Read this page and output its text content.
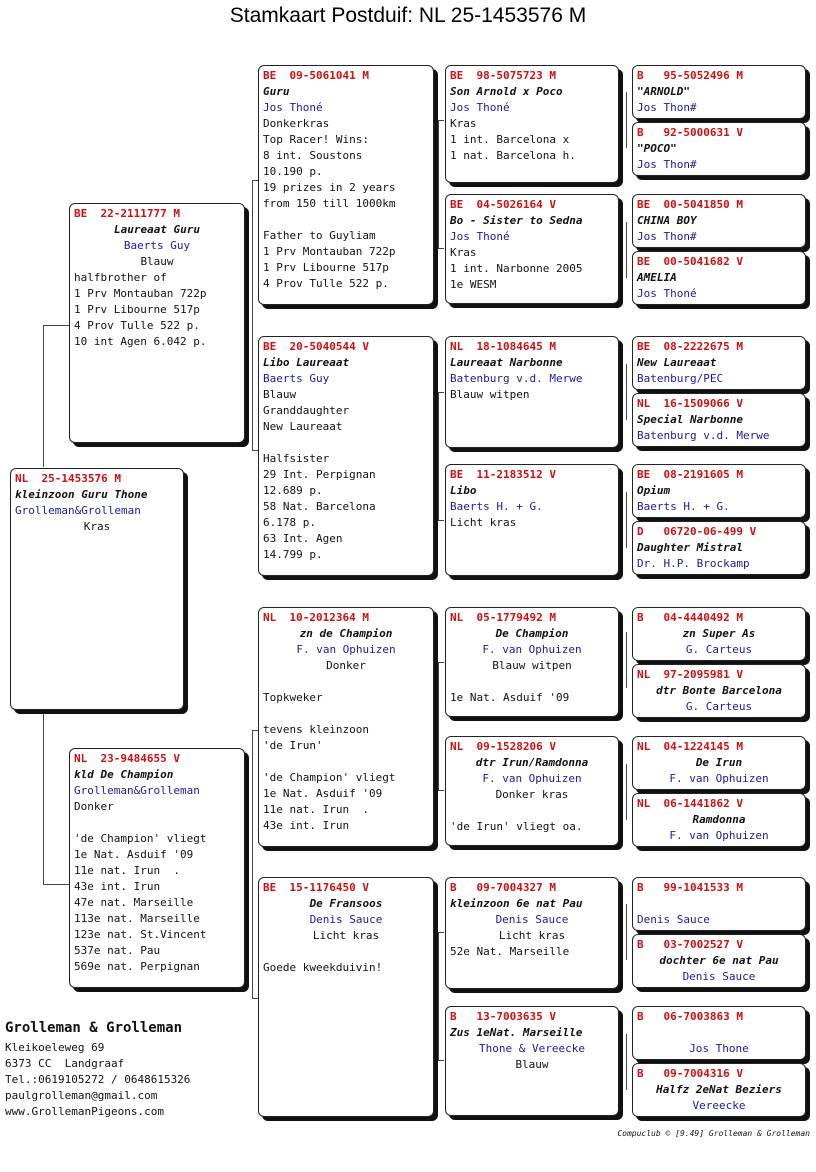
Stamkaart Postduif: NL 25-1453576 M
NL  25-1453576 M
kleinzoon Guru Thone
Grolleman&Grolleman
Kras
BE  22-2111777 M
Laureaat Guru
Baerts Guy
Blauw
halfbrother of
1 Prv Montauban 722p
1 Prv Libourne 517p
4 Prov Tulle 522 p.
10 int Agen 6.042 p.
NL  23-9484655 V
kld De Champion
Grolleman&Grolleman
Donker
'de Champion' vliegt
1e Nat. Asduif '09
11e nat. Irun  .
43e int. Irun
47e nat. Marseille
113e nat. Marseille
123e nat. St.Vincent
537e nat. Pau
569e nat. Perpignan
BE  09-5061041 M
Guru
Jos Thoné
Donkerkras
Top Racer! Wins:
8 int. Soustons
10.190 p.
19 prizes in 2 years
from 150 till 1000km
Father to Guyliam
1 Prv Montauban 722p
1 Prv Libourne 517p
4 Prov Tulle 522 p.
BE  20-5040544 V
Libo Laureaat
Baerts Guy
Blauw
Granddaughter
New Laureaat
Halfsister
29 Int. Perpignan
12.689 p.
58 Nat. Barcelona
6.178 p.
63 Int. Agen
14.799 p.
NL  10-2012364 M
zn de Champion
F. van Ophuizen
Donker
Topkweker
tevens kleinzoon
'de Irun'
'de Champion' vliegt
1e Nat. Asduif '09
11e nat. Irun  .
43e int. Irun
BE  15-1176450 V
De Fransoos
Denis Sauce
Licht kras
Goede kweekduivin!
BE  98-5075723 M
Son Arnold x Poco
Jos Thoné
Kras
1 int. Barcelona x
1 nat. Barcelona h.
BE  04-5026164 V
Bo - Sister to Sedna
Jos Thoné
Kras
1 int. Narbonne 2005
1e WESM
NL  18-1084645 M
Laureaat Narbonne
Batenburg v.d. Merwe
Blauw witpen
BE  11-2183512 V
Libo
Baerts H. + G.
Licht kras
NL  05-1779492 M
De Champion
F. van Ophuizen
Blauw witpen
1e Nat. Asduif '09
NL  09-1528206 V
dtr Irun/Ramdonna
F. van Ophuizen
Donker kras
'de Irun' vliegt oa.
B   09-7004327 M
kleinzoon 6e nat Pau
Denis Sauce
Licht kras
52e Nat. Marseille
B   13-7003635 V
Zus 1eNat. Marseille
Thone & Vereecke
Blauw
B   95-5052496 M
"ARNOLD"
Jos Thon#
B   92-5000631 V
"POCO"
Jos Thon#
BE  00-5041850 M
CHINA BOY
Jos Thon#
BE  00-5041682 V
AMELIA
Jos Thoné
BE  08-2222675 M
New Laureaat
Batenburg/PEC
NL  16-1509066 V
Special Narbonne
Batenburg v.d. Merwe
BE  08-2191605 M
Opium
Baerts H. + G.
D   06720-06-499 V
Daughter Mistral
Dr. H.P. Brockamp
B   04-4440492 M
zn Super As
G. Carteus
NL  97-2095981 V
dtr Bonte Barcelona
G. Carteus
NL  04-1224145 M
De Irun
F. van Ophuizen
NL  06-1441862 V
Ramdonna
F. van Ophuizen
B   99-1041533 M
Denis Sauce
B   03-7002527 V
dochter 6e nat Pau
Denis Sauce
B   06-7003863 M
Jos Thone
B   09-7004316 V
Halfz 2eNat Beziers
Vereecke
Grolleman & Grolleman
Kleikoeleweg 69
6373 CC  Landgraaf
Tel.:0619105272 / 0648615326
paulgrolleman@gmail.com
www.GrollemanPigeons.com
Compuclub © [9.49] Grolleman & Grolleman
